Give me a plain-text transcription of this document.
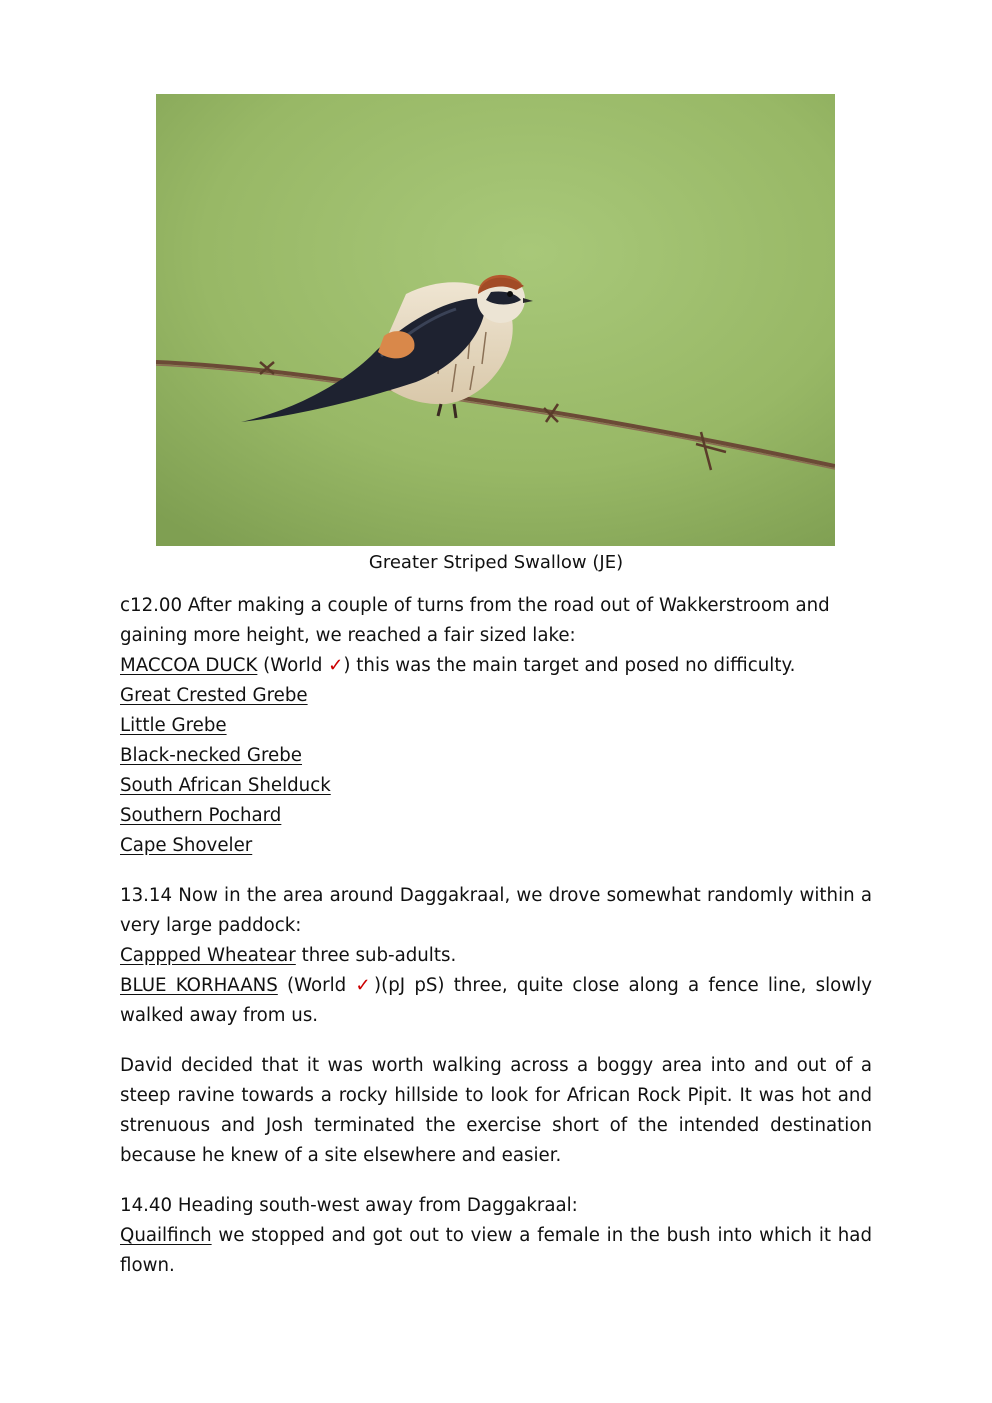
Greater Striped Swallow (JE)

c12.00 After making a couple of turns from the road out of Wakkerstroom and gaining more height, we reached a fair sized lake:

MACCOA DUCK (World ✓) this was the main target and posed no difficulty.
Great Crested Grebe
Little Grebe
Black-necked Grebe
South African Shelduck
Southern Pochard
Cape Shoveler

13.14 Now in the area around Daggakraal, we drove somewhat randomly within a very large paddock:
Cappped Wheatear three sub-adults.
BLUE KORHAANS (World ✓)(pJ pS) three, quite close along a fence line, slowly walked away from us.

David decided that it was worth walking across a boggy area into and out of a steep ravine towards a rocky hillside to look for African Rock Pipit. It was hot and strenuous and Josh terminated the exercise short of the intended destination because he knew of a site elsewhere and easier.

14.40 Heading south-west away from Daggakraal:
Quailfinch we stopped and got out to view a female in the bush into which it had flown.
